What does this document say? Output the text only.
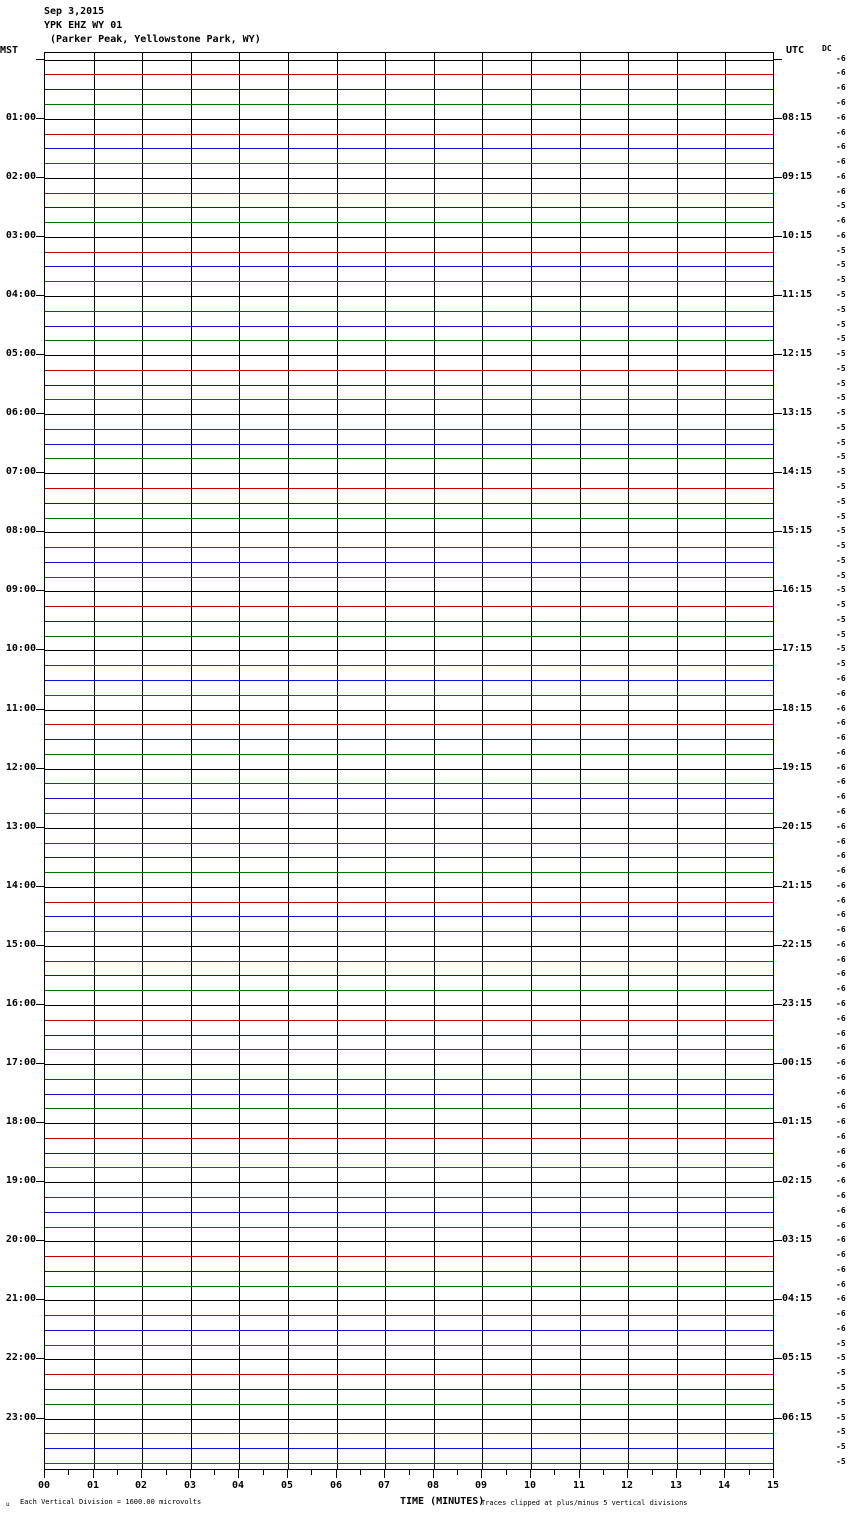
Sep 3,2015
YPK EHZ WY 01
(Parker Peak, Yellowstone Park, WY)
MST	UTC DC
-6
-6
-6
-6
-6
-6
-6
-6
01:00	08:15
-6
-6
-5
-6
02:00	09:15
-6
-5
-5
-5
03:00	10:15
-5
-5
-5
-5
04:00	11:15
-5
-5
-5
-5
05:00	12:15
-5
-5
-5
-5
06:00	13:15
-5
-5
-5
-5
07:00	14:15
-5
-5
-5
-5
08:00	15:15
-5
-5
-5
-5
09:00	16:15
-5
-5
-6
-6
10:00	17:15
-6
-6
-6
-6
11:00	18:15
-6
-6
-6
-6
12:00	19:15
-6
-6
-6
-6
13:00	20:15
-6
-6
-6
-6
14:00	21:15
-6
-6
-6
-6
15:00	22:15
-6
-6
-6
-6
16:00	23:15
-6
-6
-6
-6
17:00	00:15
-6
-6
-6
-6
18:00	01:15
-6
-6
-6
-6
19:00	02:15
-6
-6
-6
-6
20:00	03:15
-6
-6
-6
-5
21:00	04:15
-5
-5
-5
-5
22:00	05:15
-5
-5
-5
-5
23:00	06:15
00	01	02	03	04	05	06	07	08	09	10	11	12	13	14	15
TIME (MINUTES)
u Each Vertical Division = 1600.00 microvolts	Traces clipped at plus/minus 5 vertical divisions
